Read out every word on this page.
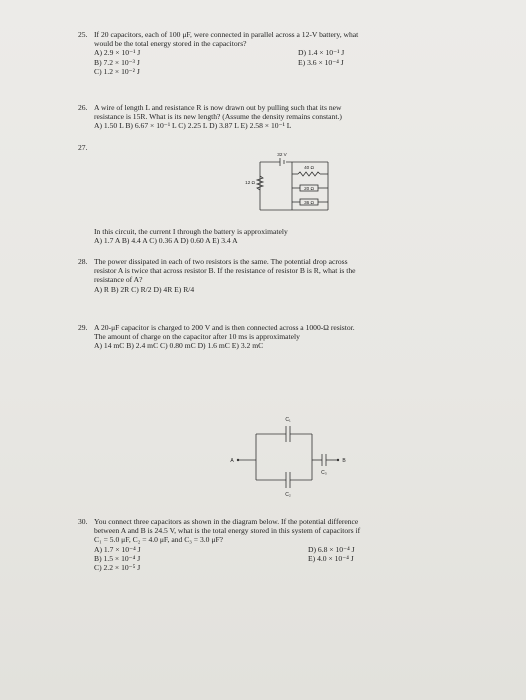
25. If 20 capacitors, each of 100 μF, were connected in parallel across a 12-V battery, what
would be the total energy stored in the capacitors?
A) 2.9 × 10⁻¹ J	D) 1.4 × 10⁻¹ J
B) 7.2 × 10⁻³ J	E) 3.6 × 10⁻⁴ J
C) 1.2 × 10⁻² J
26. A wire of length L and resistance R is now drawn out by pulling such that its new
resistance is 15R. What is its new length? (Assume the density remains constant.)
A) 1.50 L B) 6.67 × 10⁻¹ L C) 2.25 L D) 3.87 L E) 2.58 × 10⁻¹ L
27.
32 V
12 Ω
40 Ω
20 Ω
36 Ω
In this circuit, the current I through the battery is approximately
A) 1.7 A B) 4.4 A C) 0.36 A D) 0.60 A E) 3.4 A
28. The power dissipated in each of two resistors is the same. The potential drop across
resistor A is twice that across resistor B. If the resistance of resistor B is R, what is the
resistance of A?
A) R B) 2R C) R/2 D) 4R E) R/4
29. A 20-μF capacitor is charged to 200 V and is then connected across a 1000-Ω resistor.
The amount of charge on the capacitor after 10 ms is approximately
A) 14 mC B) 2.4 mC C) 0.80 mC D) 1.6 mC E) 3.2 mC
A	B
C₁
C₂
C₃
30. You connect three capacitors as shown in the diagram below. If the potential difference
between A and B is 24.5 V, what is the total energy stored in this system of capacitors if
C₁ = 5.0 μF, C₂ = 4.0 μF, and C₃ = 3.0 μF?
A) 1.7 × 10⁻⁴ J	D) 6.8 × 10⁻⁴ J
B) 1.5 × 10⁻⁴ J	E) 4.0 × 10⁻⁴ J
C) 2.2 × 10⁻⁵ J
